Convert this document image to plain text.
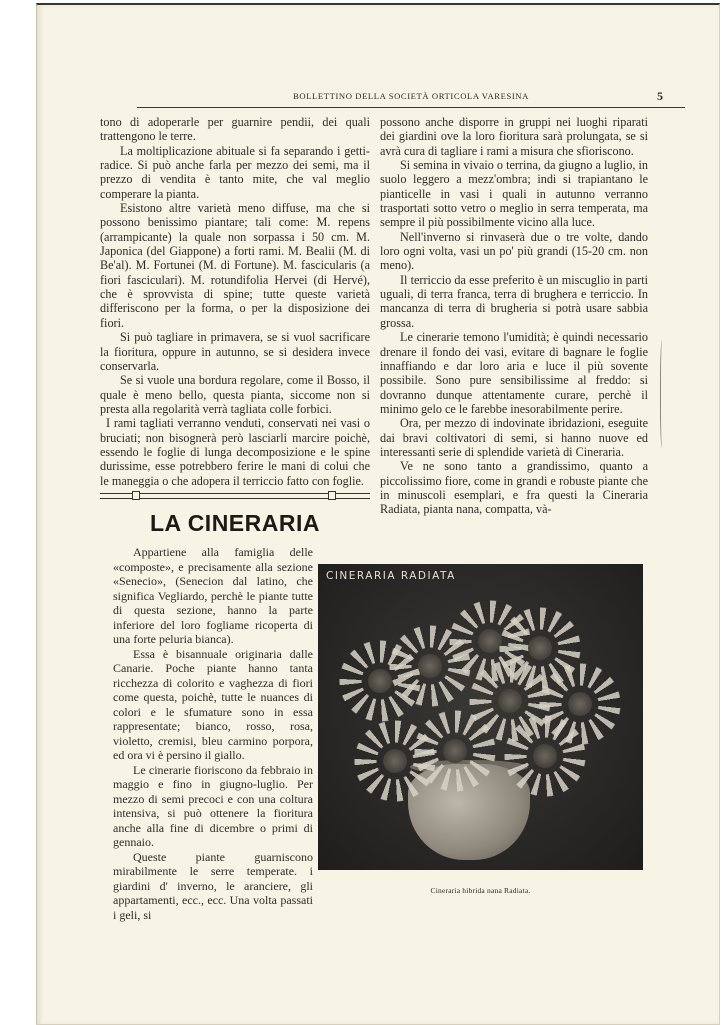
BOLLETTINO DELLA SOCIETÀ ORTICOLA VARESINA	5

tono di adoperarle per guarnire pendii, dei quali trattengono le terre.

La moltiplicazione abituale si fa separando i getti-radice. Si può anche farla per mezzo dei semi, ma il prezzo di vendita è tanto mite, che val meglio comperare la pianta.

Esistono altre varietà meno diffuse, ma che si possono benissimo piantare; tali come: M. repens (arrampicante) la quale non sorpassa i 50 cm. M. Japonica (del Giappone) a forti rami. M. Bealii (M. di Be'al). M. Fortunei (M. di Fortune). M. fascicularis (a fiori fasciculari). M. rotundifolia Hervei (di Hervé), che è sprovvista di spine; tutte queste varietà differiscono per la forma, o per la disposizione dei fiori.

Si può tagliare in primavera, se si vuol sacrificare la fioritura, oppure in autunno, se si desidera invece conservarla.

Se si vuole una bordura regolare, come il Bosso, il quale è meno bello, questa pianta, siccome non si presta alla regolarità verrà tagliata colle forbici.

I rami tagliati verranno venduti, conservati nei vasi o bruciati; non bisognerà però lasciarli marcire poichè, essendo le foglie di lunga decomposizione e le spine durissime, esse potrebbero ferire le mani di colui che le maneggia o che adopera il terriccio fatto con foglie.

LA CINERARIA

Appartiene alla famiglia delle «composte», e precisamente alla sezione «Senecio», (Senecion dal latino, che significa Vegliardo, perchè le piante tutte di questa sezione, hanno la parte inferiore del loro fogliame ricoperta di una forte peluria bianca).

Essa è bisannuale originaria dalle Canarie. Poche piante hanno tanta ricchezza di colorito e vaghezza di fiori come questa, poichè, tutte le nuances di colori e le sfumature sono in essa rappresentate; bianco, rosso, rosa, violetto, cremisi, bleu carmino porpora, ed ora vi è persino il giallo.

Le cinerarie fioriscono da febbraio in maggio e fino in giugno-luglio. Per mezzo di semi precoci e con una coltura intensiva, si può ottenere la fioritura anche alla fine di dicembre o primi di gennaio.

Queste piante guarniscono mirabilmente le serre temperate. i giardini d' inverno, le aranciere, gli appartamenti, ecc., ecc. Una volta passati i geli, si

possono anche disporre in gruppi nei luoghi riparati dei giardini ove la loro fioritura sarà prolungata, se si avrà cura di tagliare i rami a misura che sfioriscono.

Si semina in vivaio o terrina, da giugno a luglio, in suolo leggero a mezz'ombra; indi si trapiantano le pianticelle in vasi i quali in autunno verranno trasportati sotto vetro o meglio in serra temperata, ma sempre il più possibilmente vicino alla luce.

Nell'inverno si rinvaserà due o tre volte, dando loro ogni volta, vasi un po' più grandi (15-20 cm. non meno).

Il terriccio da esse preferito è un miscuglio in parti uguali, di terra franca, terra di brughera e terriccio. In mancanza di terra di brugheria si potrà usare sabbia grossa.

Le cinerarie temono l'umidità; è quindi necessario drenare il fondo dei vasi, evitare di bagnare le foglie innaffiando e dar loro aria e luce il più sovente possibile. Sono pure sensibilissime al freddo: si dovranno dunque attentamente curare, perchè il minimo gelo ce le farebbe inesorabilmente perire.

Ora, per mezzo di indovinate ibridazioni, eseguite dai bravi coltivatori di semi, si hanno nuove ed interessanti serie di splendide varietà di Cineraria.

Ve ne sono tanto a grandissimo, quanto a piccolissimo fiore, come in grandi e robuste piante che in minuscoli esemplari, e fra questi la Cineraria Radiata, pianta nana, compatta, và-

CINERARIA RADIATA
Cineraria hibrida nana Radiata.
